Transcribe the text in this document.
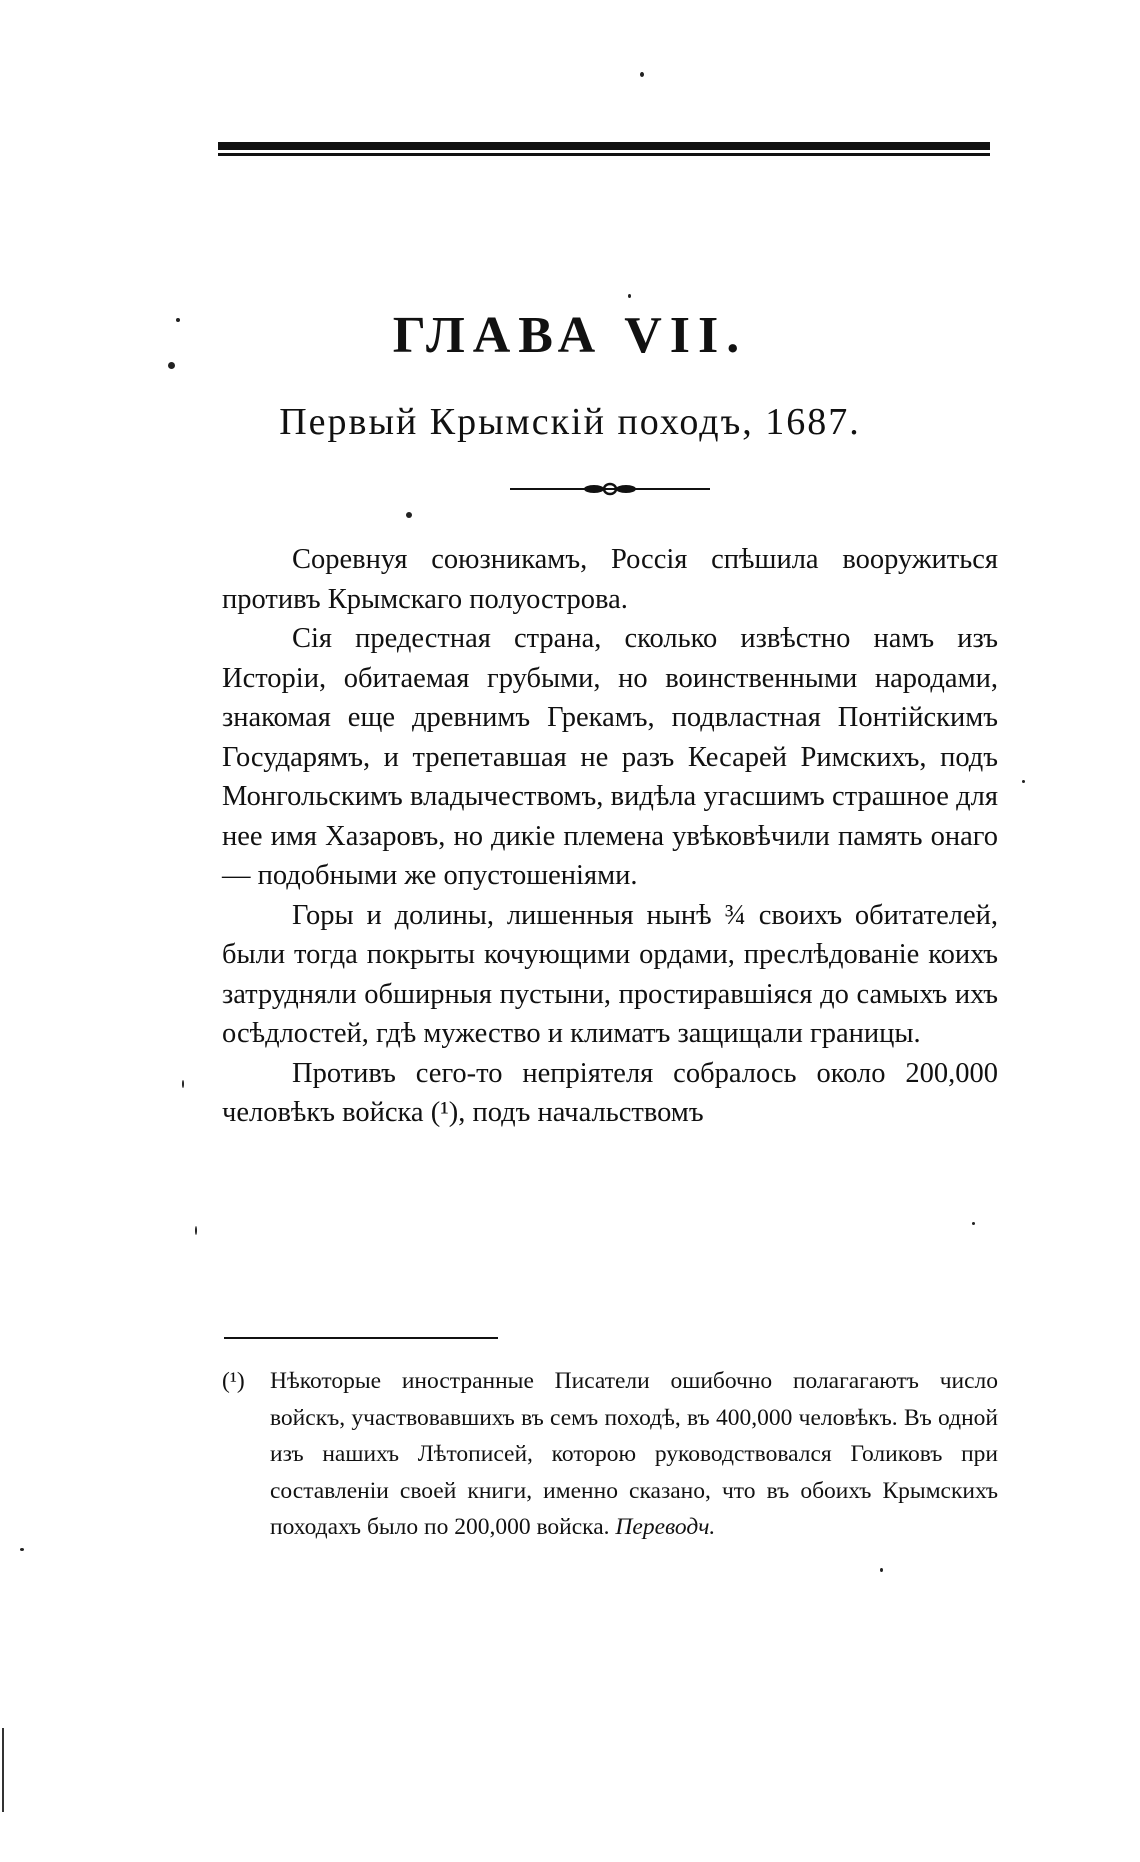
ГЛАВА VII.
Первый Крымскій походъ, 1687.

Соревнуя союзникамъ, Россія спѣшила вооружиться противъ Крымскаго полуострова.

Сія предестная страна, сколько извѣстно намъ изъ Исторіи, обитаемая грубыми, но воинственными народами, знакомая еще древнимъ Грекамъ, подвластная Понтійскимъ Государямъ, и трепетавшая не разъ Кесарей Римскихъ, подъ Монгольскимъ владычествомъ, видѣла угасшимъ страшное для нее имя Хазаровъ, но дикіе племена увѣковѣчили память онаго— подобными же опустошеніями.

Горы и долины, лишенныя нынѣ ¾ своихъ обитателей, были тогда покрыты кочующими ордами, преслѣдованіе коихъ затрудняли обширныя пустыни, простиравшіяся до самыхъ ихъ осѣдлостей, гдѣ мужество и климатъ защищали границы.

Противъ сего-то непріятеля собралось около 200,000 человѣкъ войска (¹), подъ начальствомъ

(¹) Нѣкоторые иностранные Писатели ошибочно полагагаютъ число войскъ, участвовавшихъ въ семъ походѣ, въ 400,000 человѣкъ. Въ одной изъ нашихъ Лѣтописей, которою руководствовался Голиковъ при составленіи своей книги, именно сказано, что въ обоихъ Крымскихъ походахъ было по 200,000 войска. Переводч.
